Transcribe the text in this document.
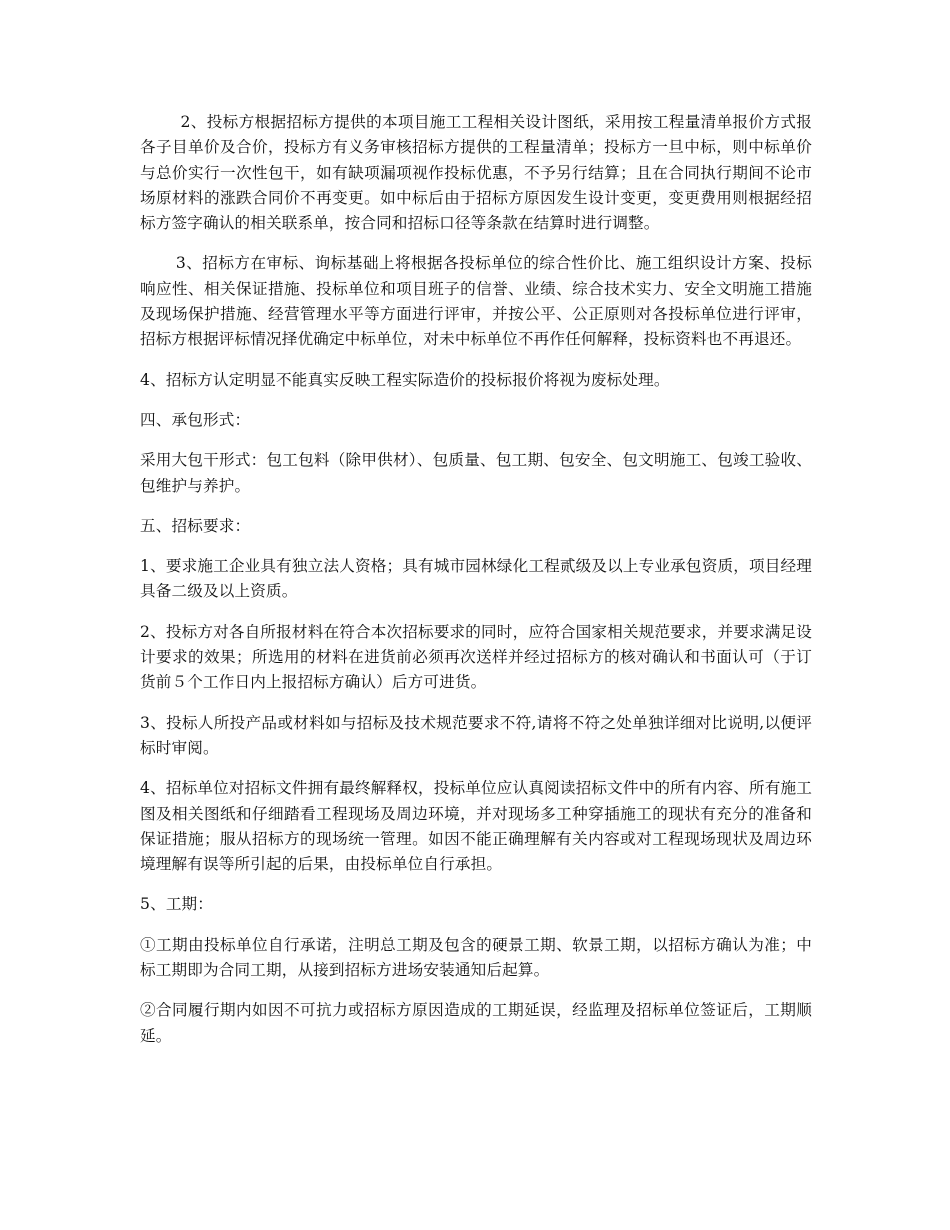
2、投标方根据招标方提供的本项目施工工程相关设计图纸，采用按工程量清单报价方式报各子目单价及合价，投标方有义务审核招标方提供的工程量清单；投标方一旦中标，则中标单价与总价实行一次性包干，如有缺项漏项视作投标优惠，不予另行结算；且在合同执行期间不论市场原材料的涨跌合同价不再变更。如中标后由于招标方原因发生设计变更，变更费用则根据经招标方签字确认的相关联系单，按合同和招标口径等条款在结算时进行调整。

3、招标方在审标、询标基础上将根据各投标单位的综合性价比、施工组织设计方案、投标响应性、相关保证措施、投标单位和项目班子的信誉、业绩、综合技术实力、安全文明施工措施及现场保护措施、经营管理水平等方面进行评审，并按公平、公正原则对各投标单位进行评审，招标方根据评标情况择优确定中标单位，对未中标单位不再作任何解释，投标资料也不再退还。

4、招标方认定明显不能真实反映工程实际造价的投标报价将视为废标处理。

四、承包形式：

采用大包干形式：包工包料（除甲供材）、包质量、包工期、包安全、包文明施工、包竣工验收、包维护与养护。

五、招标要求：

1、要求施工企业具有独立法人资格；具有城市园林绿化工程贰级及以上专业承包资质，项目经理具备二级及以上资质。

2、投标方对各自所报材料在符合本次招标要求的同时，应符合国家相关规范要求，并要求满足设计要求的效果；所选用的材料在进货前必须再次送样并经过招标方的核对确认和书面认可（于订货前５个工作日内上报招标方确认）后方可进货。

3、投标人所投产品或材料如与招标及技术规范要求不符,请将不符之处单独详细对比说明,以便评标时审阅。

4、招标单位对招标文件拥有最终解释权，投标单位应认真阅读招标文件中的所有内容、所有施工图及相关图纸和仔细踏看工程现场及周边环境，并对现场多工种穿插施工的现状有充分的准备和保证措施；服从招标方的现场统一管理。如因不能正确理解有关内容或对工程现场现状及周边环境理解有误等所引起的后果，由投标单位自行承担。

5、工期：

①工期由投标单位自行承诺，注明总工期及包含的硬景工期、软景工期，以招标方确认为准；中标工期即为合同工期，从接到招标方进场安装通知后起算。

②合同履行期内如因不可抗力或招标方原因造成的工期延误，经监理及招标单位签证后，工期顺延。
